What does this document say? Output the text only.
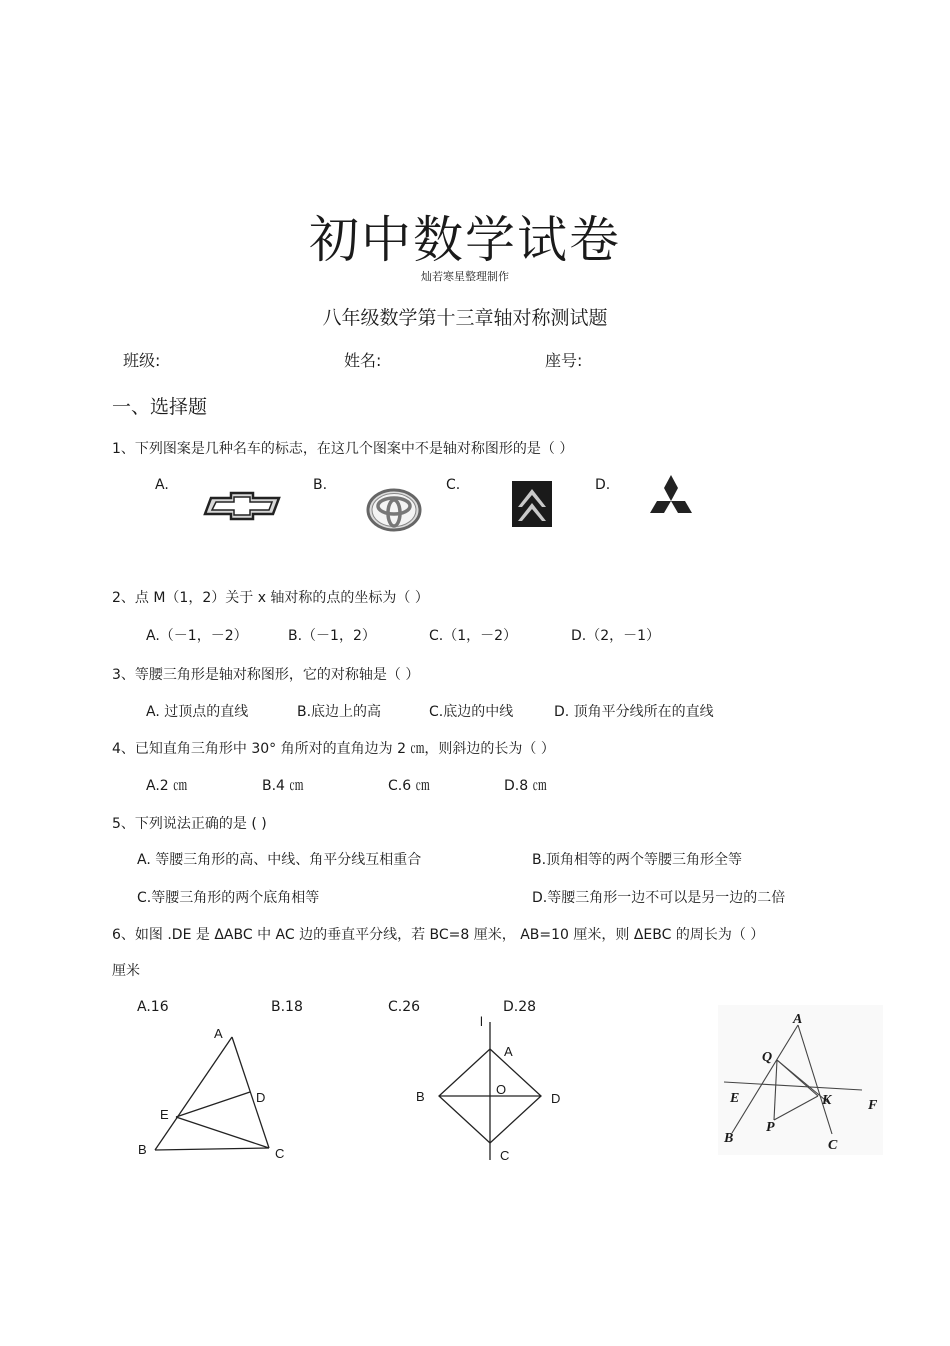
初中数学试卷
灿若寒星整理制作
八年级数学第十三章轴对称测试题
班级:	姓名:	座号:
一、选择题
1、下列图案是几种名车的标志，在这几个图案中不是轴对称图形的是（ ）
A.	B.	C.	D.
2、点 M（1，2）关于 x 轴对称的点的坐标为（ ）
A.（－1，－2）	B.（－1，2）	C.（1，－2）	D.（2，－1）
3、等腰三角形是轴对称图形，它的对称轴是（ ）
A. 过顶点的直线	B.底边上的高	C.底边的中线	D. 顶角平分线所在的直线
4、已知直角三角形中 30° 角所对的直角边为 2 ㎝，则斜边的长为（ ）
A.2 ㎝	B.4 ㎝	C.6 ㎝	D.8 ㎝
5、下列说法正确的是 ( )
A. 等腰三角形的高、中线、角平分线互相重合	B.顶角相等的两个等腰三角形全等
C.等腰三角形的两个底角相等	D.等腰三角形一边不可以是另一边的二倍
6、如图 .DE 是 ΔABC 中 AC 边的垂直平分线，若 BC=8 厘米， AB=10 厘米，则 ΔEBC 的周长为（ ）
厘米
A.16	B.18	C.26	D.28
A
D
E
B	C
l
A
O
B	D
C
A
Q
E	K	F
P
B	C
